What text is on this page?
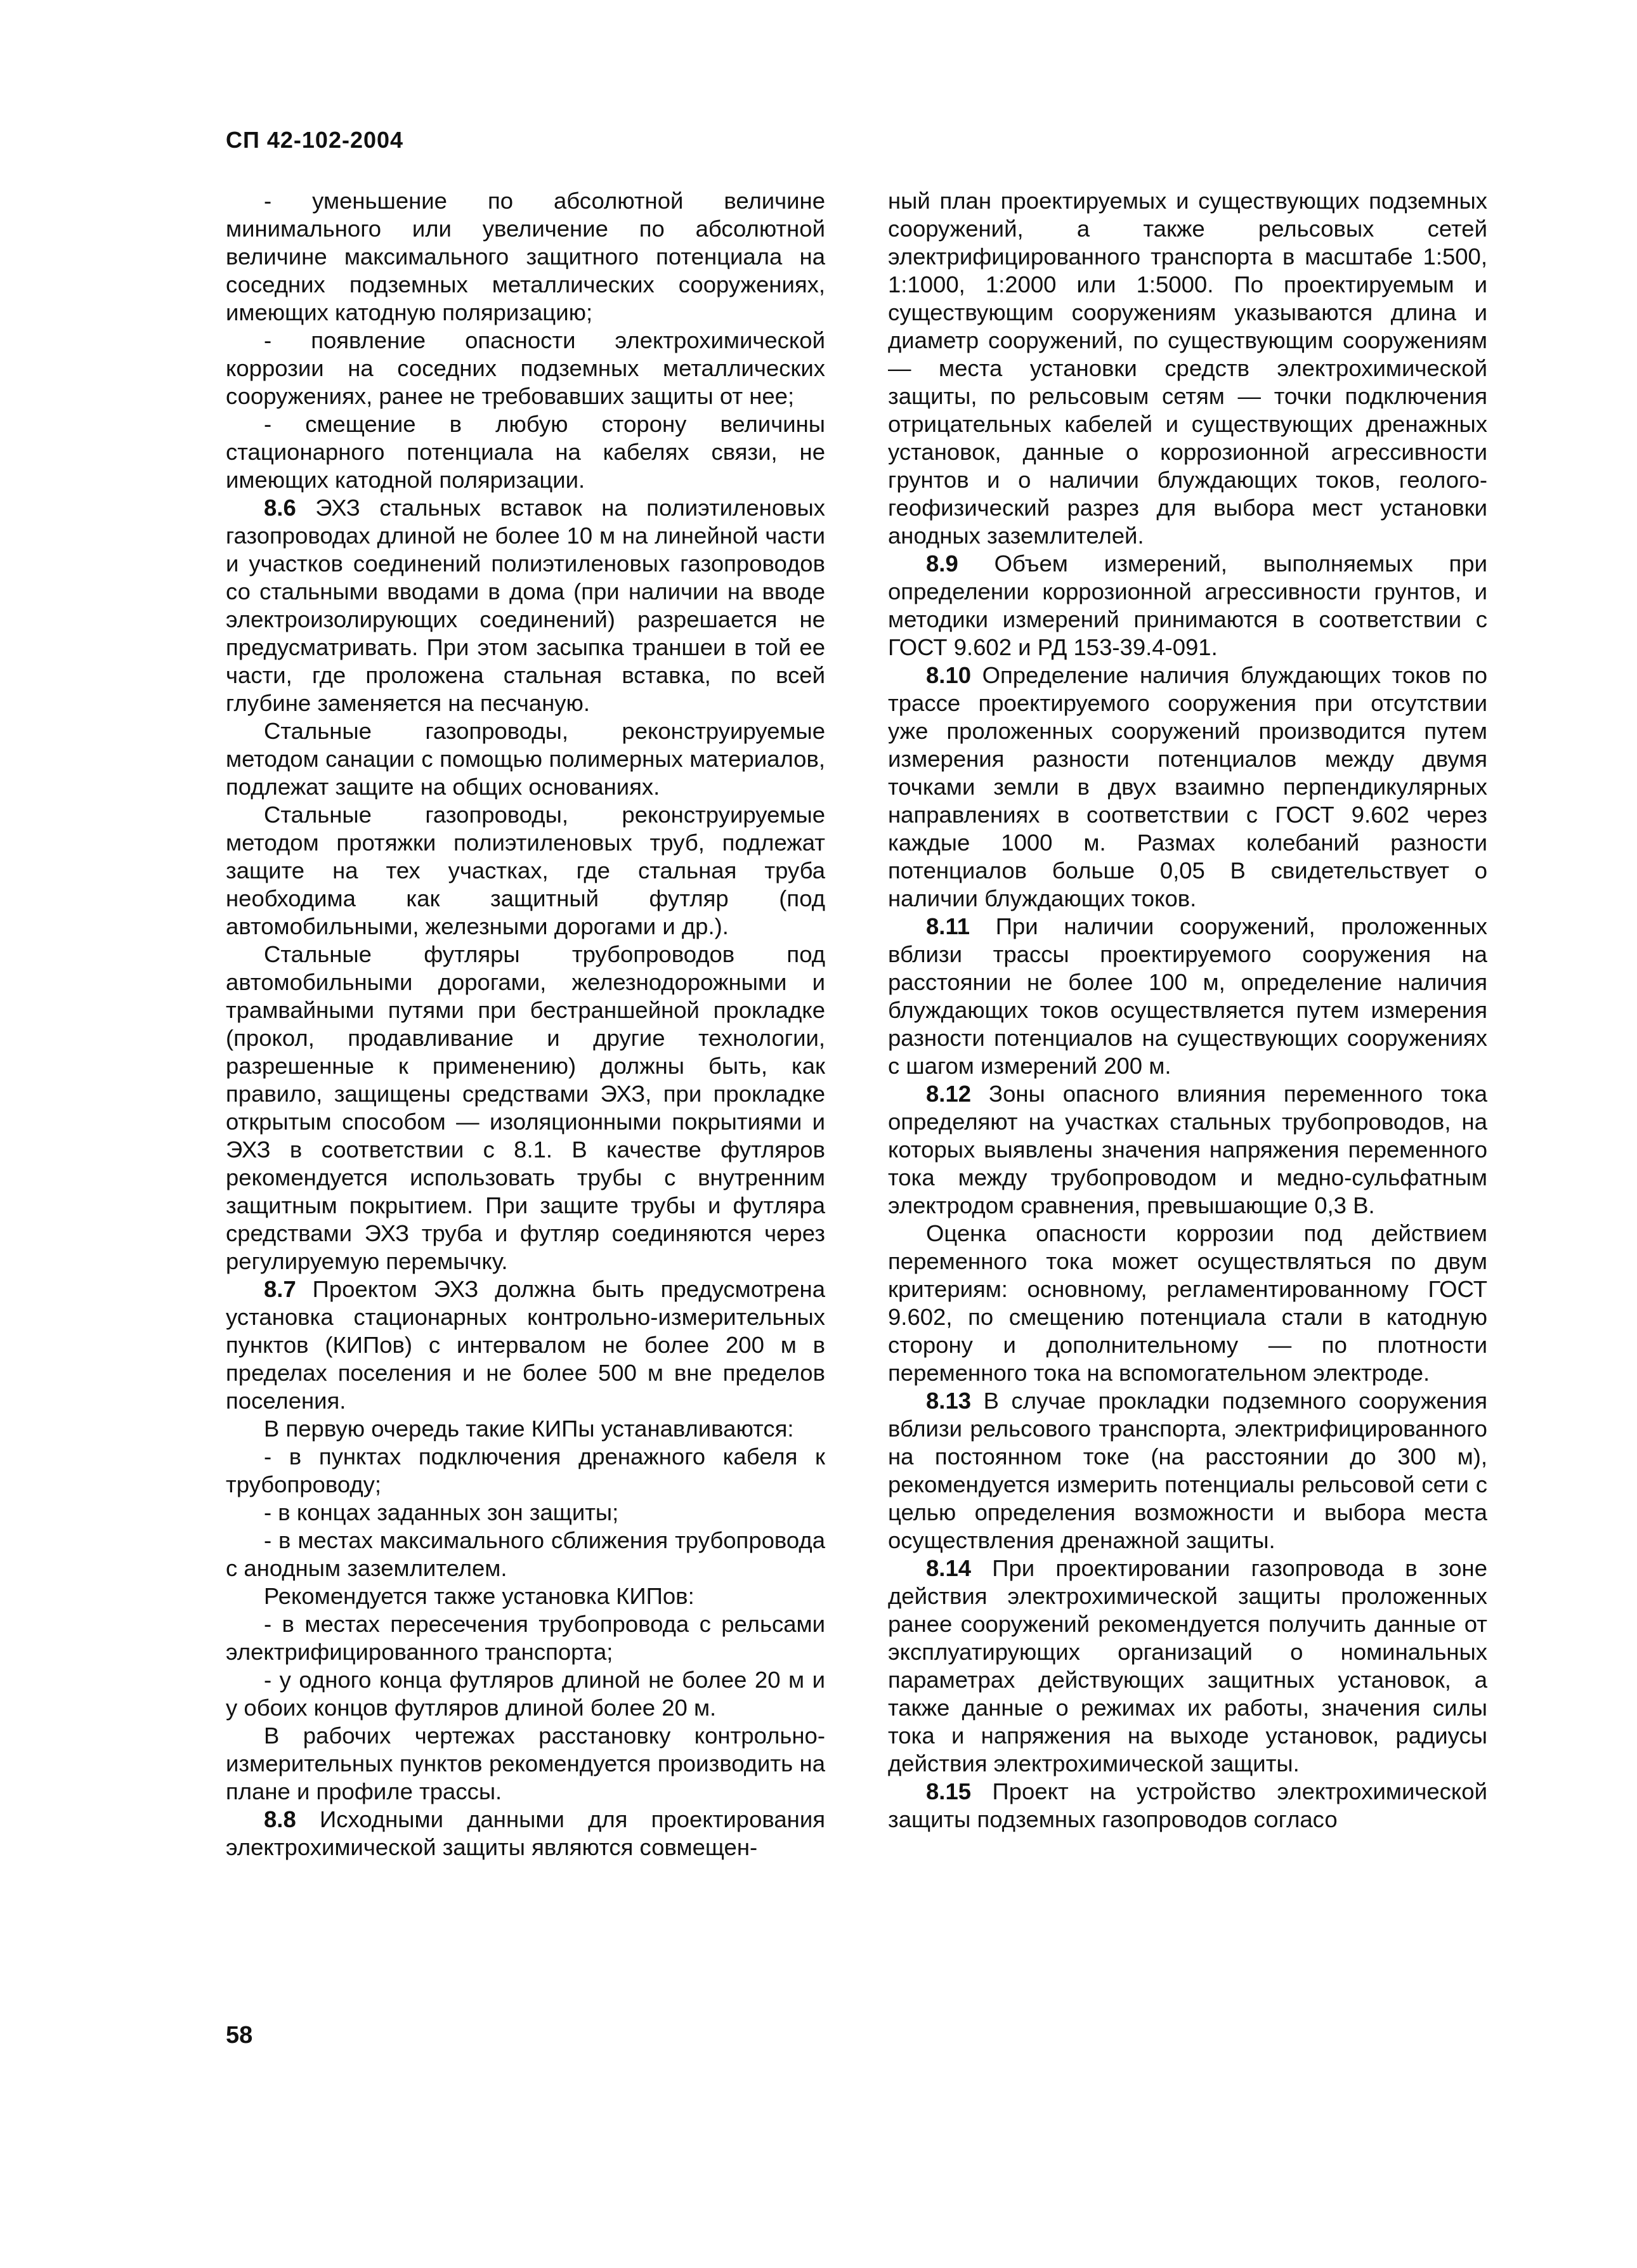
СП 42-102-2004

- уменьшение по абсолютной величине минимального или увеличение по абсолютной величине максимального защитного потенциала на соседних подземных металлических сооружениях, имеющих катодную поляризацию;

- появление опасности электрохимической коррозии на соседних подземных металлических сооружениях, ранее не требовавших защиты от нее;

- смещение в любую сторону величины стационарного потенциала на кабелях связи, не имеющих катодной поляризации.

8.6 ЭХЗ стальных вставок на полиэтиленовых газопроводах длиной не более 10 м на линейной части и участков соединений полиэтиленовых газопроводов со стальными вводами в дома (при наличии на вводе электроизолирующих соединений) разрешается не предусматривать. При этом засыпка траншеи в той ее части, где проложена стальная вставка, по всей глубине заменяется на песчаную.

Стальные газопроводы, реконструируемые методом санации с помощью полимерных материалов, подлежат защите на общих основаниях.

Стальные газопроводы, реконструируемые методом протяжки полиэтиленовых труб, подлежат защите на тех участках, где стальная труба необходима как защитный футляр (под автомобильными, железными дорогами и др.).

Стальные футляры трубопроводов под автомобильными дорогами, железнодорожными и трамвайными путями при бестраншейной прокладке (прокол, продавливание и другие технологии, разрешенные к применению) должны быть, как правило, защищены средствами ЭХЗ, при прокладке открытым способом — изоляционными покрытиями и ЭХЗ в соответствии с 8.1. В качестве футляров рекомендуется использовать трубы с внутренним защитным покрытием. При защите трубы и футляра средствами ЭХЗ труба и футляр соединяются через регулируемую перемычку.

8.7 Проектом ЭХЗ должна быть предусмотрена установка стационарных контрольно-измерительных пунктов (КИПов) с интервалом не более 200 м в пределах поселения и не более 500 м вне пределов поселения.

В первую очередь такие КИПы устанавливаются:

- в пунктах подключения дренажного кабеля к трубопроводу;

- в концах заданных зон защиты;

- в местах максимального сближения трубопровода с анодным заземлителем.

Рекомендуется также установка КИПов:

- в местах пересечения трубопровода с рельсами электрифицированного транспорта;

- у одного конца футляров длиной не более 20 м и у обоих концов футляров длиной более 20 м.

В рабочих чертежах расстановку контрольно-измерительных пунктов рекомендуется производить на плане и профиле трассы.

8.8 Исходными данными для проектирования электрохимической защиты являются совмещен-

ный план проектируемых и существующих подземных сооружений, а также рельсовых сетей электрифицированного транспорта в масштабе 1:500, 1:1000, 1:2000 или 1:5000. По проектируемым и существующим сооружениям указываются длина и диаметр сооружений, по существующим сооружениям — места установки средств электрохимической защиты, по рельсовым сетям — точки подключения отрицательных кабелей и существующих дренажных установок, данные о коррозионной агрессивности грунтов и о наличии блуждающих токов, геолого-геофизический разрез для выбора мест установки анодных заземлителей.

8.9 Объем измерений, выполняемых при определении коррозионной агрессивности грунтов, и методики измерений принимаются в соответствии с ГОСТ 9.602 и РД 153-39.4-091.

8.10 Определение наличия блуждающих токов по трассе проектируемого сооружения при отсутствии уже проложенных сооружений производится путем измерения разности потенциалов между двумя точками земли в двух взаимно перпендикулярных направлениях в соответствии с ГОСТ 9.602 через каждые 1000 м. Размах колебаний разности потенциалов больше 0,05 В свидетельствует о наличии блуждающих токов.

8.11 При наличии сооружений, проложенных вблизи трассы проектируемого сооружения на расстоянии не более 100 м, определение наличия блуждающих токов осуществляется путем измерения разности потенциалов на существующих сооружениях с шагом измерений 200 м.

8.12 Зоны опасного влияния переменного тока определяют на участках стальных трубопроводов, на которых выявлены значения напряжения переменного тока между трубопроводом и медно-сульфатным электродом сравнения, превышающие 0,3 В.

Оценка опасности коррозии под действием переменного тока может осуществляться по двум критериям: основному, регламентированному ГОСТ 9.602, по смещению потенциала стали в катодную сторону и дополнительному — по плотности переменного тока на вспомогательном электроде.

8.13 В случае прокладки подземного сооружения вблизи рельсового транспорта, электрифицированного на постоянном токе (на расстоянии до 300 м), рекомендуется измерить потенциалы рельсовой сети с целью определения возможности и выбора места осуществления дренажной защиты.

8.14 При проектировании газопровода в зоне действия электрохимической защиты проложенных ранее сооружений рекомендуется получить данные от эксплуатирующих организаций о номинальных параметрах действующих защитных установок, а также данные о режимах их работы, значения силы тока и напряжения на выходе установок, радиусы действия электрохимической защиты.

8.15 Проект на устройство электрохимической защиты подземных газопроводов согласо

58
